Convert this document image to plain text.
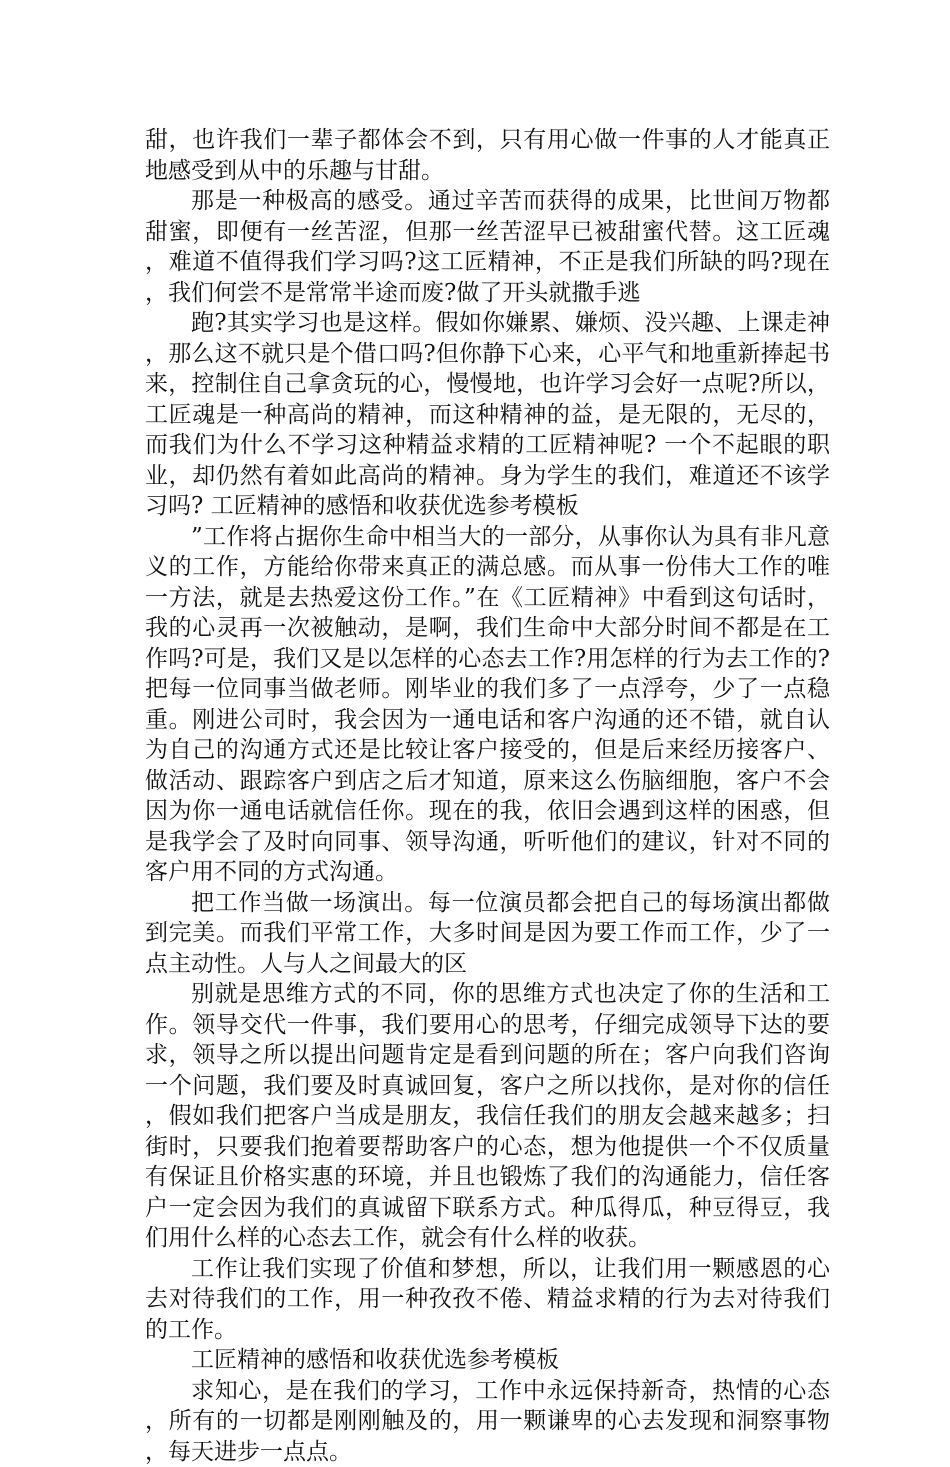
甜，也许我们一辈子都体会不到，只有用心做一件事的人才能真正地感受到从中的乐趣与甘甜。

那是一种极高的感受。通过辛苦而获得的成果，比世间万物都甜蜜，即便有一丝苦涩，但那一丝苦涩早已被甜蜜代替。这工匠魂，难道不值得我们学习吗?这工匠精神，不正是我们所缺的吗?现在，我们何尝不是常常半途而废?做了开头就撒手逃

跑?其实学习也是这样。假如你嫌累、嫌烦、没兴趣、上课走神，那么这不就只是个借口吗?但你静下心来，心平气和地重新捧起书来，控制住自己拿贪玩的心，慢慢地，也许学习会好一点呢?所以，工匠魂是一种高尚的精神，而这种精神的益，是无限的，无尽的，而我们为什么不学习这种精益求精的工匠精神呢? 一个不起眼的职业，却仍然有着如此高尚的精神。身为学生的我们，难道还不该学习吗? 工匠精神的感悟和收获优选参考模板

”工作将占据你生命中相当大的一部分，从事你认为具有非凡意义的工作，方能给你带来真正的满总感。而从事一份伟大工作的唯一方法，就是去热爱这份工作。”在《工匠精神》中看到这句话时，我的心灵再一次被触动，是啊，我们生命中大部分时间不都是在工作吗?可是，我们又是以怎样的心态去工作?用怎样的行为去工作的? 把每一位同事当做老师。刚毕业的我们多了一点浮夸，少了一点稳重。刚进公司时，我会因为一通电话和客户沟通的还不错，就自认为自己的沟通方式还是比较让客户接受的，但是后来经历接客户、做活动、跟踪客户到店之后才知道，原来这么伤脑细胞，客户不会因为你一通电话就信任你。现在的我，依旧会遇到这样的困惑，但是我学会了及时向同事、领导沟通，听听他们的建议，针对不同的客户用不同的方式沟通。

把工作当做一场演出。每一位演员都会把自己的每场演出都做到完美。而我们平常工作，大多时间是因为要工作而工作，少了一点主动性。人与人之间最大的区

别就是思维方式的不同，你的思维方式也决定了你的生活和工作。领导交代一件事，我们要用心的思考，仔细完成领导下达的要求，领导之所以提出问题肯定是看到问题的所在；客户向我们咨询一个问题，我们要及时真诚回复，客户之所以找你，是对你的信任，假如我们把客户当成是朋友，我信任我们的朋友会越来越多；扫街时，只要我们抱着要帮助客户的心态，想为他提供一个不仅质量有保证且价格实惠的环境，并且也锻炼了我们的沟通能力，信任客户一定会因为我们的真诚留下联系方式。种瓜得瓜，种豆得豆，我们用什么样的心态去工作，就会有什么样的收获。

工作让我们实现了价值和梦想，所以，让我们用一颗感恩的心去对待我们的工作，用一种孜孜不倦、精益求精的行为去对待我们的工作。

工匠精神的感悟和收获优选参考模板

求知心，是在我们的学习，工作中永远保持新奇，热情的心态，所有的一切都是刚刚触及的，用一颗谦卑的心去发现和洞察事物，每天进步一点点。
